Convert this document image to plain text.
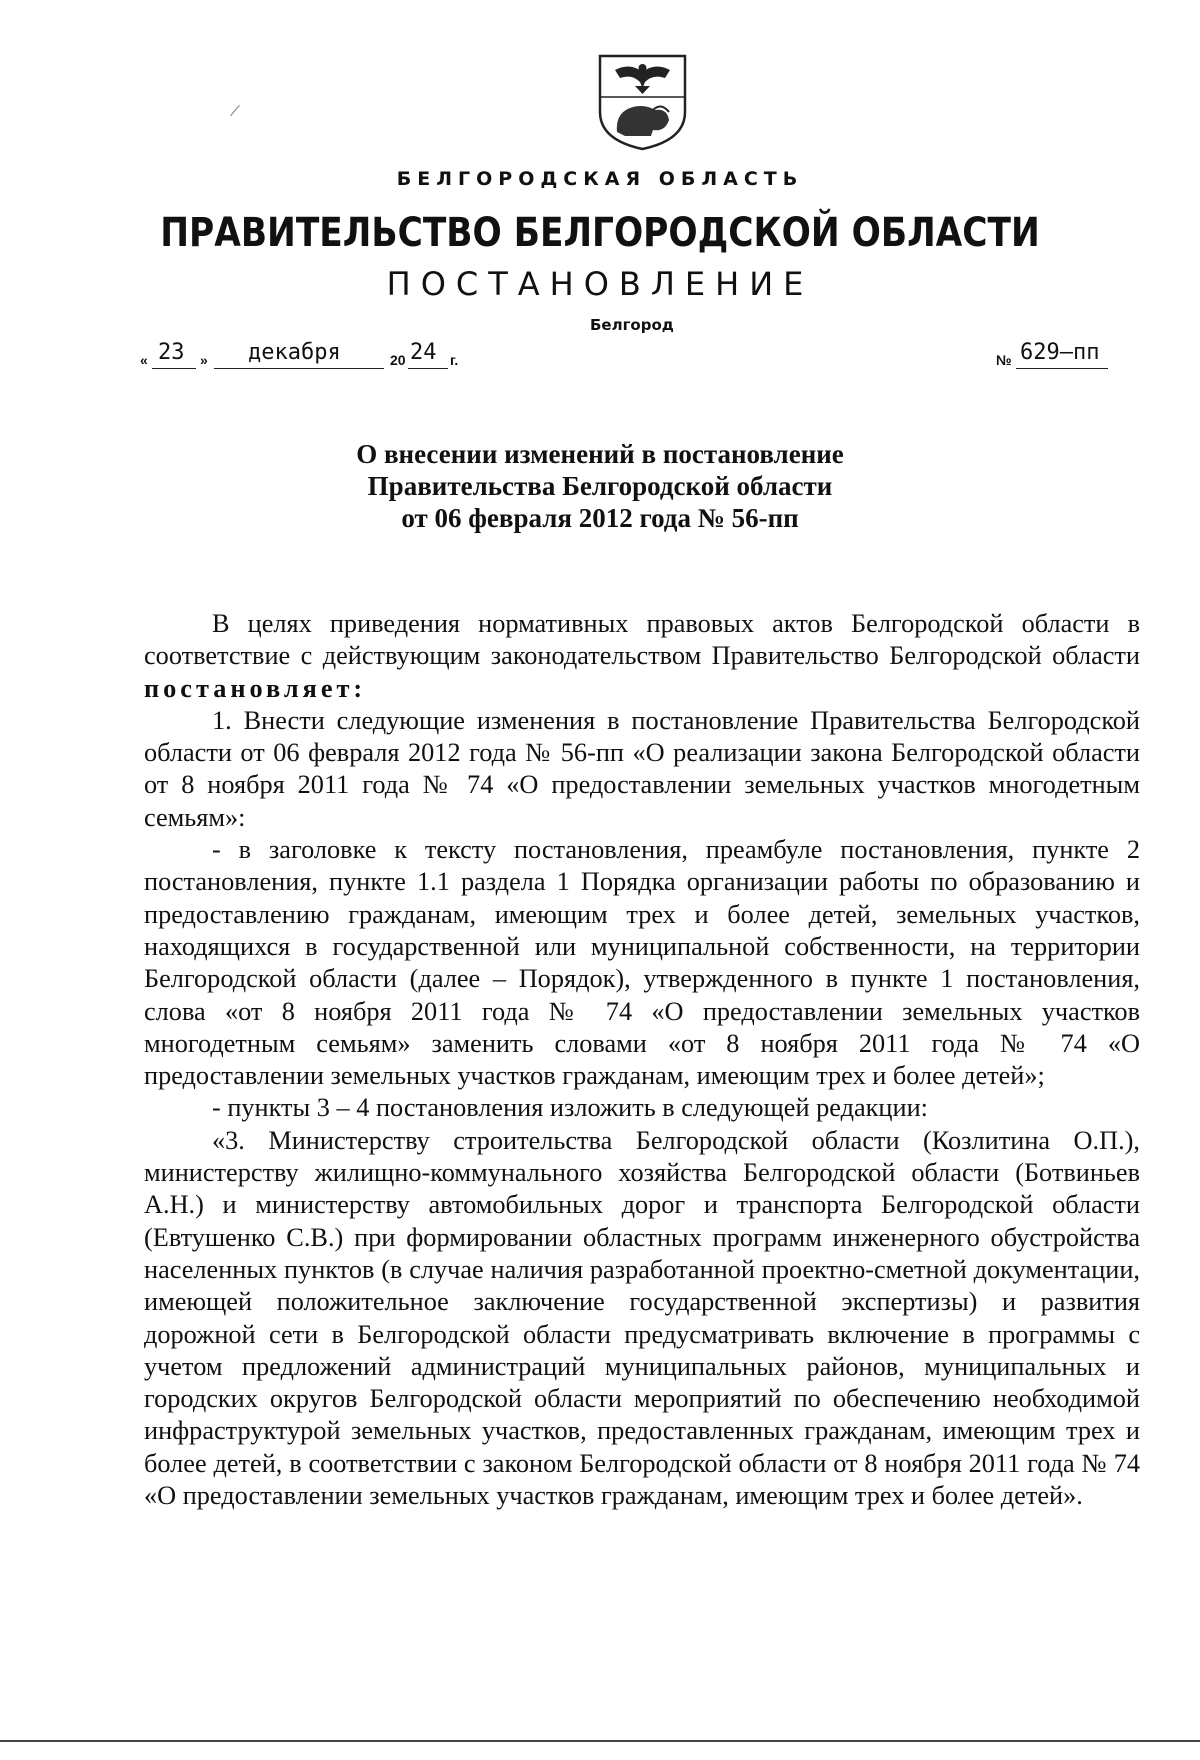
БЕЛГОРОДСКАЯ ОБЛАСТЬ
ПРАВИТЕЛЬСТВО БЕЛГОРОДСКОЙ ОБЛАСТИ
ПОСТАНОВЛЕНИЕ
Белгород
« 23 » декабря	20 24 г.	№ 629–пп
О внесении изменений в постановление
Правительства Белгородской области
от 06 февраля 2012 года № 56-пп

В целях приведения нормативных правовых актов Белгородской области в соответствие с действующим законодательством Правительство Белгородской области постановляет:

1. Внести следующие изменения в постановление Правительства Белгородской области от 06 февраля 2012 года № 56-пп «О реализации закона Белгородской области от 8 ноября 2011 года № 74 «О предоставлении земельных участков многодетным семьям»:

- в заголовке к тексту постановления, преамбуле постановления, пункте 2 постановления, пункте 1.1 раздела 1 Порядка организации работы по образованию и предоставлению гражданам, имеющим трех и более детей, земельных участков, находящихся в государственной или муниципальной собственности, на территории Белгородской области (далее – Порядок), утвержденного в пункте 1 постановления, слова «от 8 ноября 2011 года № 74 «О предоставлении земельных участков многодетным семьям» заменить словами «от 8 ноября 2011 года № 74 «О предоставлении земельных участков гражданам, имеющим трех и более детей»;

- пункты 3 – 4 постановления изложить в следующей редакции:

«3. Министерству строительства Белгородской области (Козлитина О.П.), министерству жилищно-коммунального хозяйства Белгородской области (Ботвиньев А.Н.) и министерству автомобильных дорог и транспорта Белгородской области (Евтушенко С.В.) при формировании областных программ инженерного обустройства населенных пунктов (в случае наличия разработанной проектно-сметной документации, имеющей положительное заключение государственной экспертизы) и развития дорожной сети в Белгородской области предусматривать включение в программы с учетом предложений администраций муниципальных районов, муниципальных и городских округов Белгородской области мероприятий по обеспечению необходимой инфраструктурой земельных участков, предоставленных гражданам, имеющим трех и более детей, в соответствии с законом Белгородской области от 8 ноября 2011 года № 74 «О предоставлении земельных участков гражданам, имеющим трех и более детей».
